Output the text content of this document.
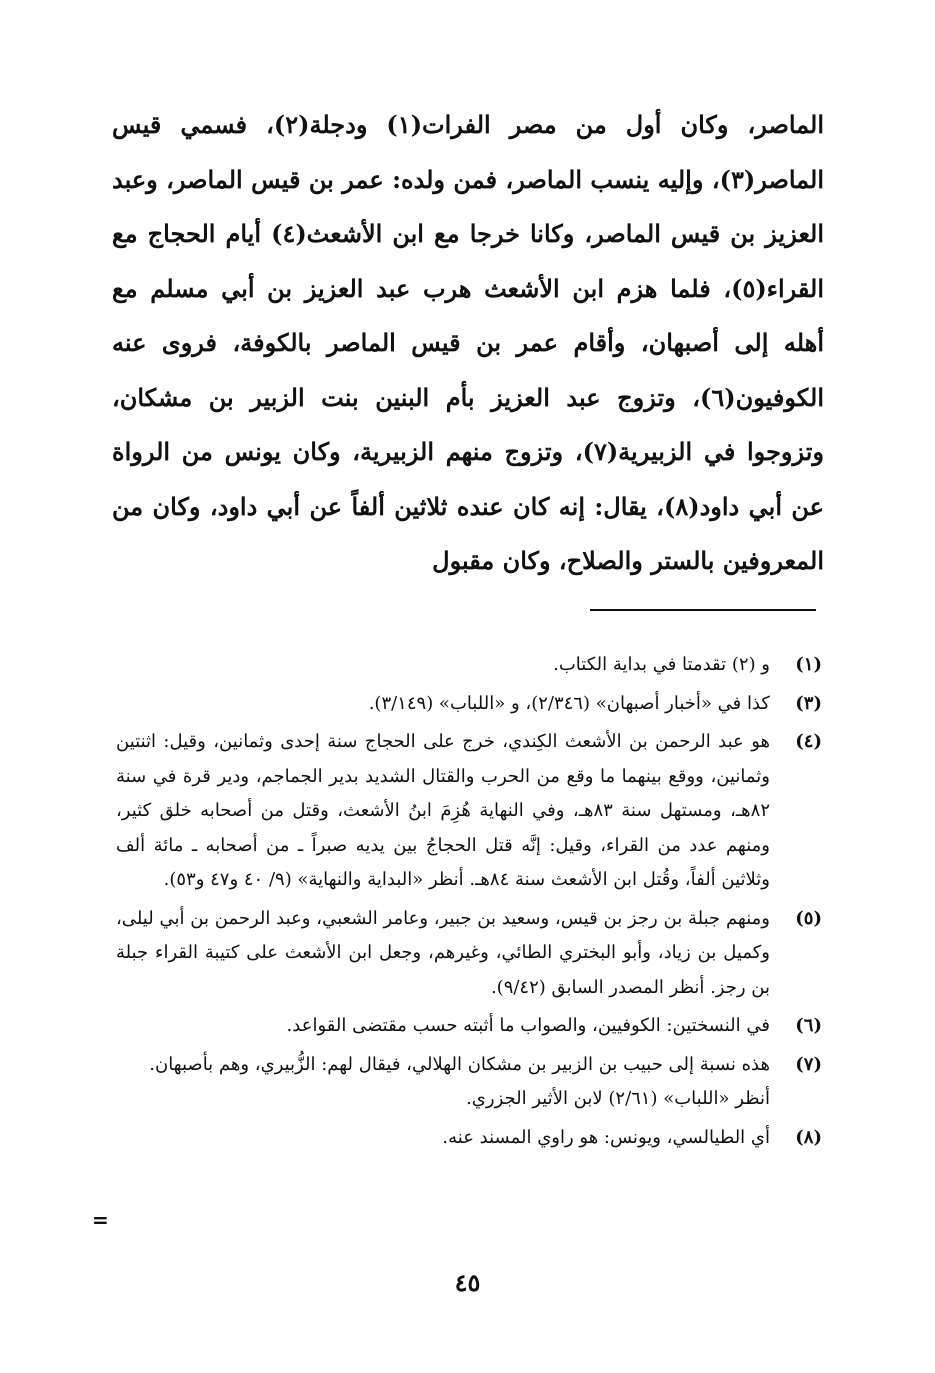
الماصر، وكان أول من مصر الفرات(١) ودجلة(٢)، فسمي قيس الماصر(٣)، وإليه ينسب الماصر، فمن ولده: عمر بن قيس الماصر، وعبد العزيز بن قيس الماصر، وكانا خرجا مع ابن الأشعث(٤) أيام الحجاج مع القراء(٥)، فلما هزم ابن الأشعث هرب عبد العزيز بن أبي مسلم مع أهله إلى أصبهان، وأقام عمر بن قيس الماصر بالكوفة، فروى عنه الكوفيون(٦)، وتزوج عبد العزيز بأم البنين بنت الزبير بن مشكان، وتزوجوا في الزبيرية(٧)، وتزوج منهم الزبيرية، وكان يونس من الرواة عن أبي داود(٨)، يقال: إنه كان عنده ثلاثين ألفاً عن أبي داود، وكان من المعروفين بالستر والصلاح، وكان مقبول

(١)
و (٢) تقدمتا في بداية الكتاب.
(٣)
كذا في «أخبار أصبهان» (٢/٣٤٦)، و «اللباب» (٣/١٤٩).
(٤)
هو عبد الرحمن بن الأشعث الكِندي، خرج على الحجاج سنة إحدى وثمانين، وقيل: اثنتين وثمانين، ووقع بينهما ما وقع من الحرب والقتال الشديد بدير الجماجم، ودير قرة في سنة ٨٢هـ، ومستهل سنة ٨٣هـ، وفي النهاية هُزِمَ ابنُ الأشعث، وقتل من أصحابه خلق كثير، ومنهم عدد من القراء، وقيل: إنَّه قتل الحجاجُ بين يديه صبراً ـ من أصحابه ـ مائة ألف وثلاثين ألفاً، وقُتل ابن الأشعث سنة ٨٤هـ. أنظر «البداية والنهاية» (٩/ ٤٠ و٤٧ و٥٣).
(٥)
ومنهم جبلة بن رجز بن قيس، وسعيد بن جبير، وعامر الشعبي، وعبد الرحمن بن أبي ليلى، وكميل بن زياد، وأبو البختري الطائي، وغيرهم، وجعل ابن الأشعث على كتيبة القراء جبلة بن رجز. أنظر المصدر السابق (٩/٤٢).
(٦)
في النسختين: الكوفيين، والصواب ما أثبته حسب مقتضى القواعد.
(٧)
هذه نسبة إلى حبيب بن الزبير بن مشكان الهلالي، فيقال لهم: الزُّبيري، وهم بأصبهان.
أنظر «اللباب» (٢/٦١) لابن الأثير الجزري.
(٨)
أي الطيالسي، ويونس: هو راوي المسند عنه.
=
٤٥
